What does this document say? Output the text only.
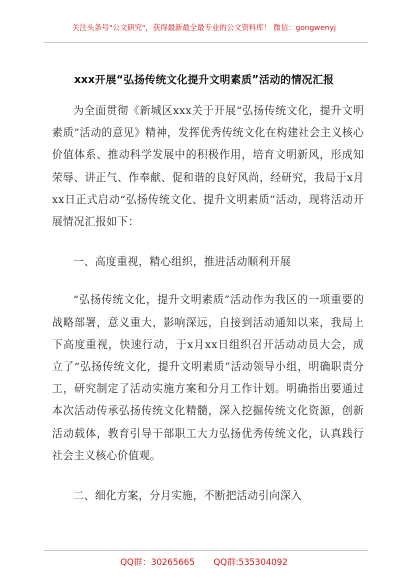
关注头条号"公文研究"，获得最新最全最专业的公文资料库！ 微信：gongwenyj
xxx开展“弘扬传统文化提升文明素质”活动的情况汇报

为全面贯彻《新城区xxx关于开展“弘扬传统文化，提升文明素质”活动的意见》精神，发挥优秀传统文化在构建社会主义核心价值体系、推动科学发展中的积极作用，培育文明新风，形成知荣辱、讲正气、作奉献、促和谐的良好风尚，经研究，我局于x月xx日正式启动“弘扬传统文化、提升文明素质”活动，现将活动开展情况汇报如下：

一、高度重视，精心组织，推进活动顺利开展

“弘扬传统文化，提升文明素质”活动作为我区的一项重要的战略部署，意义重大，影响深远，自接到活动通知以来，我局上下高度重视，快速行动，于x月xx日组织召开活动动员大会，成立了“弘扬传统文化，提升文明素质”活动领导小组，明确职责分工，研究制定了活动实施方案和分月工作计划。明确指出要通过本次活动传承弘扬传统文化精髓，深入挖掘传统文化资源，创新活动载体，教育引导干部职工大力弘扬优秀传统文化，认真践行社会主义核心价值观。

二、细化方案，分月实施，不断把活动引向深入

QQ群：30265665 QQ群:535304092
